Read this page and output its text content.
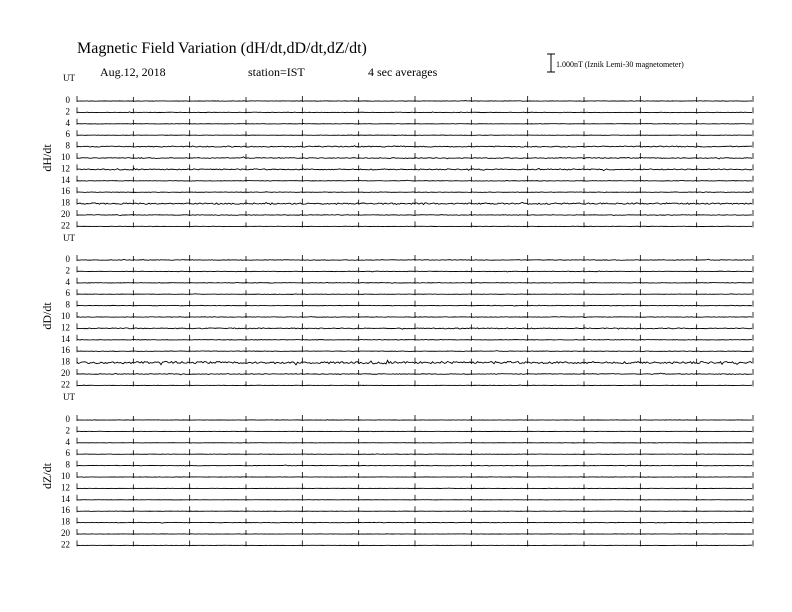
Magnetic Field Variation (dH/dt,dD/dt,dZ/dt)
Aug.12, 2018	station=IST	4 sec averages
1.000nT (Iznik Lemi-30 magnetometer)
UT
dH/dt
0
2
4
6
8
10
12
14
16
18
20
22
UT
dD/dt
0
2
4
6
8
10
12
14
16
18
20
22
UT
dZ/dt
0
2
4
6
8
10
12
14
16
18
20
22
